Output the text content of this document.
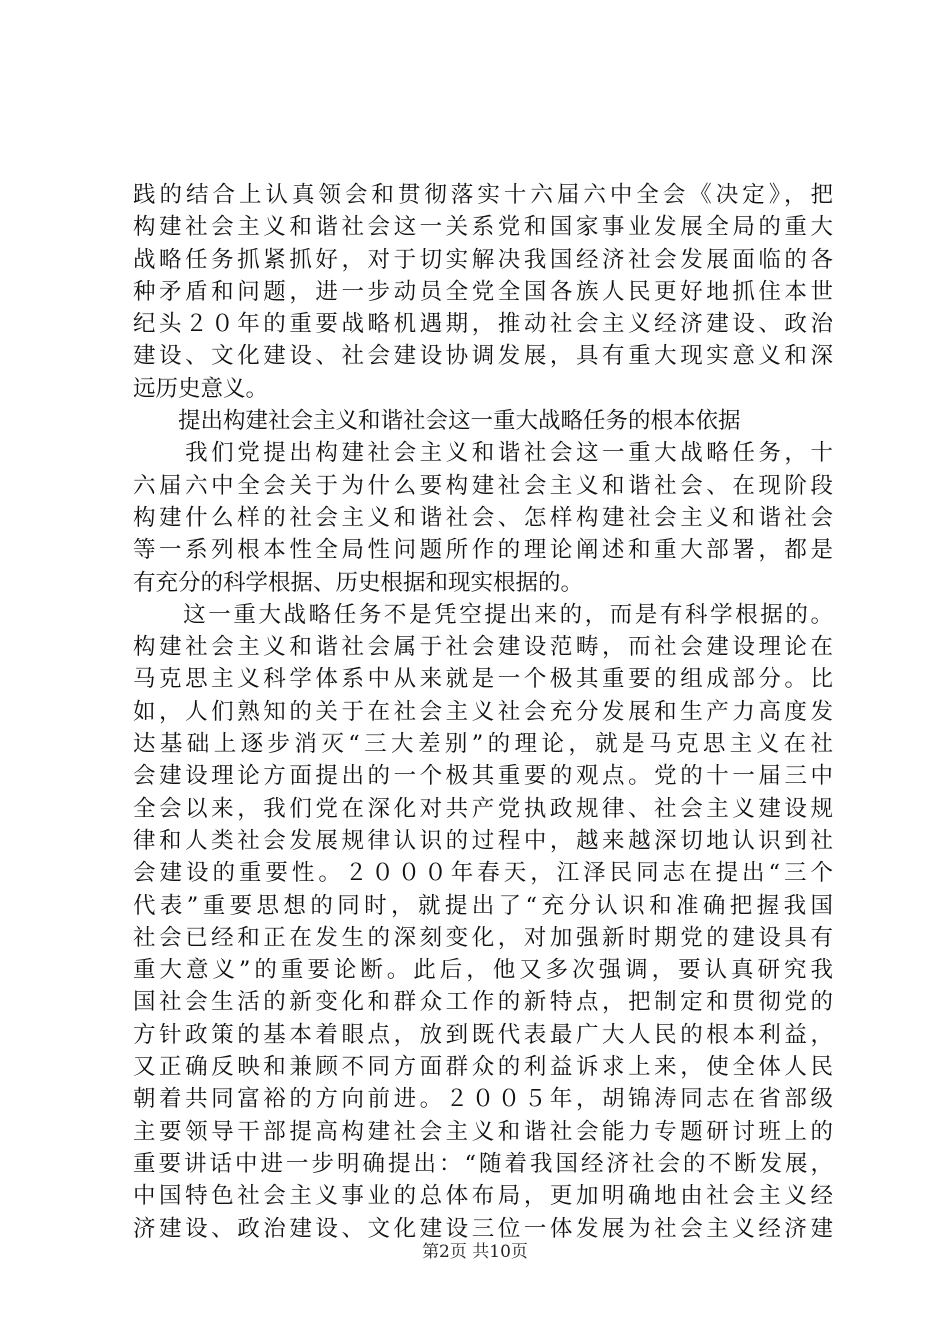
践的结合上认真领会和贯彻落实十六届六中全会《决定》，把
构建社会主义和谐社会这一关系党和国家事业发展全局的重大
战略任务抓紧抓好，对于切实解决我国经济社会发展面临的各
种矛盾和问题，进一步动员全党全国各族人民更好地抓住本世
纪头２０年的重要战略机遇期，推动社会主义经济建设、政治
建设、文化建设、社会建设协调发展，具有重大现实意义和深
远历史意义。
　　提出构建社会主义和谐社会这一重大战略任务的根本依据
　　我们党提出构建社会主义和谐社会这一重大战略任务，十
六届六中全会关于为什么要构建社会主义和谐社会、在现阶段
构建什么样的社会主义和谐社会、怎样构建社会主义和谐社会
等一系列根本性全局性问题所作的理论阐述和重大部署，都是
有充分的科学根据、历史根据和现实根据的。
　　这一重大战略任务不是凭空提出来的，而是有科学根据的。
构建社会主义和谐社会属于社会建设范畴，而社会建设理论在
马克思主义科学体系中从来就是一个极其重要的组成部分。比
如，人们熟知的关于在社会主义社会充分发展和生产力高度发
达基础上逐步消灭“三大差别”的理论，就是马克思主义在社
会建设理论方面提出的一个极其重要的观点。党的十一届三中
全会以来，我们党在深化对共产党执政规律、社会主义建设规
律和人类社会发展规律认识的过程中，越来越深切地认识到社
会建设的重要性。２０００年春天，江泽民同志在提出“三个
代表”重要思想的同时，就提出了“充分认识和准确把握我国
社会已经和正在发生的深刻变化，对加强新时期党的建设具有
重大意义”的重要论断。此后，他又多次强调，要认真研究我
国社会生活的新变化和群众工作的新特点，把制定和贯彻党的
方针政策的基本着眼点，放到既代表最广大人民的根本利益，
又正确反映和兼顾不同方面群众的利益诉求上来，使全体人民
朝着共同富裕的方向前进。２００５年，胡锦涛同志在省部级
主要领导干部提高构建社会主义和谐社会能力专题研讨班上的
重要讲话中进一步明确提出：“随着我国经济社会的不断发展，
中国特色社会主义事业的总体布局，更加明确地由社会主义经
济建设、政治建设、文化建设三位一体发展为社会主义经济建
第2页 共10页
